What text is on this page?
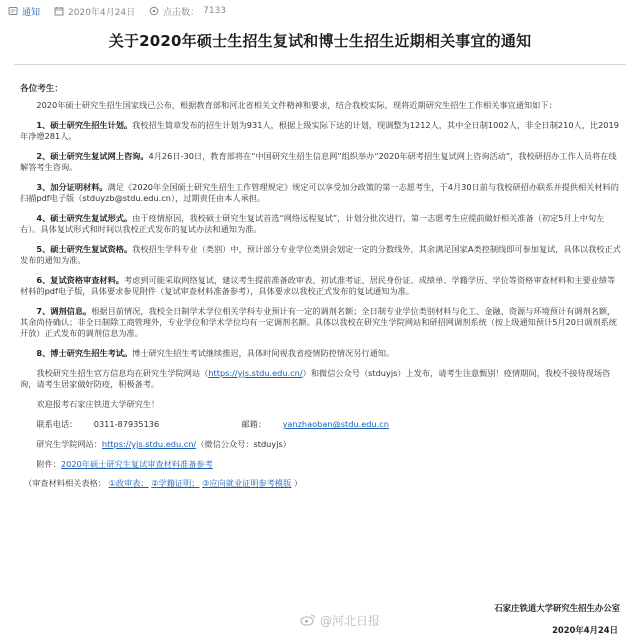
通知	2020年4月24日	点击数： 7133
关于2020年硕士生招生复试和博士生招生近期相关事宜的通知
各位考生：

2020年硕士研究生招生国家线已公布，根据教育部和河北省相关文件精神和要求，结合我校实际，现将近期研究生招生工作相关事宜通知如下：

1、硕士研究生招生计划。我校招生简章发布的招生计划为931人，根据上级实际下达的计划，现调整为1212人，其中全日制1002人，非全日制210人，比2019年净增281人。

2、硕士研究生复试网上咨询。4月26日-30日，教育部将在“中国研究生招生信息网”组织举办“2020年研考招生复试网上咨询活动”，我校研招办工作人员将在线解答考生咨询。

3、加分证明材料。满足《2020年全国硕士研究生招生工作管理规定》规定可以享受加分政策的第一志愿考生，于4月30日前与我校研招办联系并提供相关材料的扫描pdf电子版（stduyzb@stdu.edu.cn），过期责任由本人承担。

4、硕士研究生复试形式。由于疫情原因，我校硕士研究生复试首选“网络远程复试”，计划分批次进行，第一志愿考生应提前做好相关准备（初定5月上中旬左右）。具体复试形式和时间以我校正式发布的复试办法和通知为准。

5、硕士研究生复试资格。我校招生学科专业（类别）中，预计部分专业学位类别会划定一定的分数线外，其余满足国家A类控制线即可参加复试，具体以我校正式发布的通知为准。

6、复试资格审查材料。考虑到可能采取网络复试，建议考生提前准备政审表、初试准考证、居民身份证、成绩单、学籍学历、学位等资格审查材料和主要业绩等材料的pdf电子版，具体要求参见附件（复试审查材料准备参考），具体要求以我校正式发布的复试通知为准。

7、调剂信息。根据目前情况，我校全日制学术学位相关学科专业预计有一定的调剂名额；全日制专业学位类别材料与化工、金融、资源与环境预计有调剂名额，其余尚待确认；非全日制除工商管理外，专业学位和学术学位均有一定调剂名额。具体以我校在研究生学院网站和研招网调剂系统（按上级通知预计5月20日调剂系统开放）正式发布的调剂信息为准。

8、博士研究生招生考试。博士研究生招生考试继续推迟，具体时间视我省疫情防控情况另行通知。

我校研究生招生官方信息均在研究生学院网站（https://yjs.stdu.edu.cn/）和微信公众号（stduyjs）上发布，请考生注意甄别！疫情期间，我校不接待现场咨询，请考生居家做好防疫，积极备考。

欢迎报考石家庄铁道大学研究生！

联系电话：	0311-87935136	邮箱：	yanzhaoban@stdu.edu.cn

研究生学院网站：https://yjs.stdu.edu.cn/（微信公众号：stduyjs）

附件：2020年硕士研究生复试审查材料准备参考

（审查材料相关表格： ①政审表； ②学籍证明； ③应向就业证明参考模版 ）
@河北日报
石家庄铁道大学研究生招生办公室
2020年4月24日
